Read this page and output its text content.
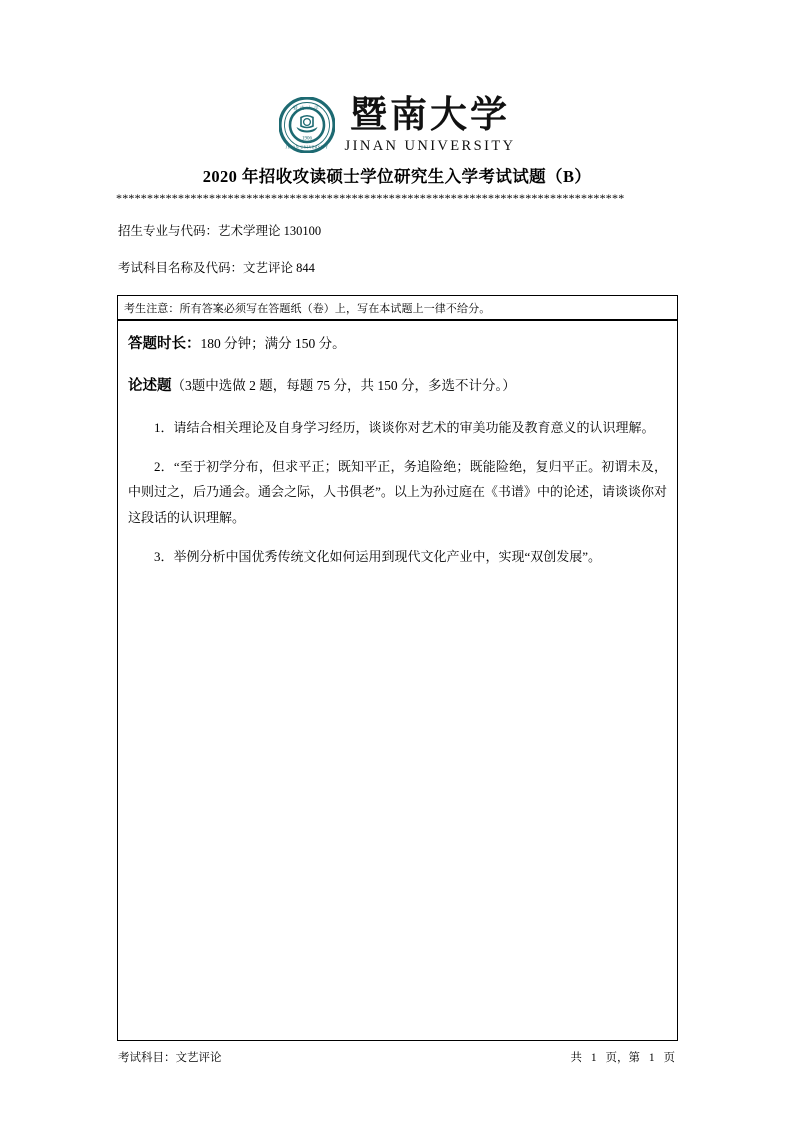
1906
暨南大学
JINAN UNIVERSITY
暨南大学
JINAN UNIVERSITY
2020 年招收攻读硕士学位研究生入学考试试题（B）
**********************************************************************************
招生专业与代码：艺术学理论 130100
考试科目名称及代码：文艺评论 844
考生注意：所有答案必须写在答题纸（卷）上，写在本试题上一律不给分。
答题时长：180 分钟；满分 150 分。
论述题（3题中选做 2 题，每题 75 分，共 150 分，多选不计分。）
1．请结合相关理论及自身学习经历，谈谈你对艺术的审美功能及教育意义的认识理解。
2．“至于初学分布，但求平正；既知平正，务追险绝；既能险绝，复归平正。初谓未及，中则过之，后乃通会。通会之际，人书俱老”。以上为孙过庭在《书谱》中的论述，请谈谈你对这段话的认识理解。
3．举例分析中国优秀传统文化如何运用到现代文化产业中，实现“双创发展”。
考试科目：文艺评论	共 1 页，第 1 页
